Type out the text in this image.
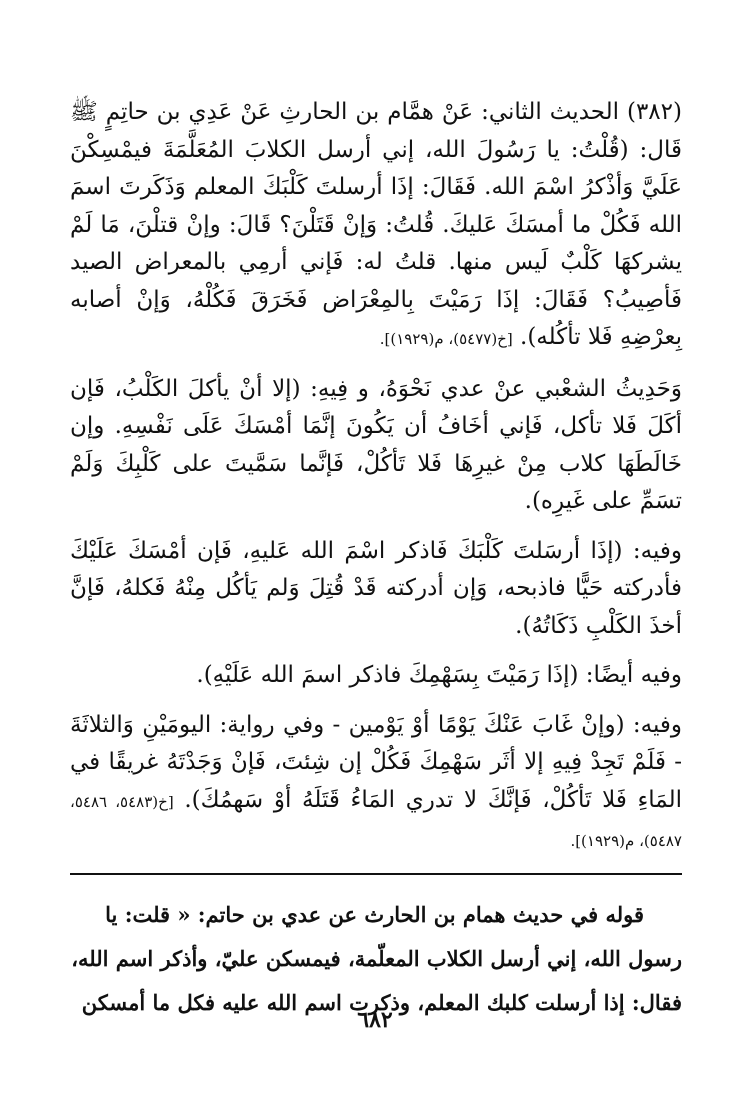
(٣٨٢) الحديث الثاني: عَنْ همَّام بن الحارثِ عَنْ عَدِي بن حاتِمٍ ﷺ قَال: (قُلْتُ: يا رَسُولَ الله، إني أرسل الكلابَ المُعَلَّمَةَ فيمْسِكْنَ عَلَيَّ وَأذْكرُ اسْمَ الله. فَقَالَ: إذَا أرسلتَ كَلْبَكَ المعلم وَذَكَرتَ اسمَ الله فَكُلْ ما أمسَكَ عَليكَ. قُلتُ: وَإنْ قَتَلْنَ؟ قَالَ: وإنْ قتلْنَ، مَا لَمْ يشركهَا كَلْبٌ لَيس منها. قلتُ له: فَإني أرمِي بالمعراض الصيد فَأصِيبُ؟ فَقَالَ: إذَا رَمَيْتَ بِالمِعْرَاض فَخَرَقَ فَكُلْهُ، وَإنْ أصابه بِعرْضِهِ فَلا تأكُله). [خ(٥٤٧٧)، م(١٩٢٩)].

وَحَدِيثُ الشعْبي عنْ عدي نَحْوَهُ، و فِيهِ: (إلا أنْ يأكلَ الكَلْبُ، فَإن أكَلَ فَلا تأكل، فَإني أخَافُ أن يَكُونَ إنَّمَا أمْسَكَ عَلَى نَفْسِهِ. وإن خَالَطَهَا كلاب مِنْ غيرِهَا فَلا تَأكُلْ، فَإنَّما سَمَّيتَ على كَلْبِكَ وَلَمْ تسَمِّ على غَيرِه).

وفيه: (إذَا أرسَلتَ كَلْبَكَ فَاذكر اسْمَ الله عَليهِ، فَإن أمْسَكَ عَلَيْكَ فأدركته حَيًّا فاذبحه، وَإن أدركته قَدْ قُتِلَ وَلم يَأكُل مِنْهُ فَكلهُ، فَإنَّ أخذَ الكَلْبِ ذَكَاتُهُ).

وفيه أيضًا: (إذَا رَمَيْتَ بِسَهْمِكَ فاذكر اسمَ الله عَلَيْهِ).

وفيه: (وإنْ غَابَ عَنْكَ يَوْمًا أوْ يَوْمين - وفي رواية: اليومَيْنِ وَالثلاثَةَ - فَلَمْ تَجِدْ فِيهِ إلا أثَر سَهْمِكَ فَكُلْ إن شِئتَ، فَإنْ وَجَدْتَهُ غريقًا في المَاءِ فَلا تَأكُلْ، فَإنَّكَ لا تدري المَاءُ قَتَلَهُ أوْ سَهمُكَ). [خ(٥٤٨٣، ٥٤٨٦، ٥٤٨٧)، م(١٩٢٩)].

قوله في حديث همام بن الحارث عن عدي بن حاتم: « قلت: يا

رسول الله، إني أرسل الكلاب المعلّمة، فيمسكن عليّ، وأذكر اسم الله،

فقال: إذا أرسلت كلبك المعلم، وذكرت اسم الله عليه فكل ما أمسكن

٦٨٢
